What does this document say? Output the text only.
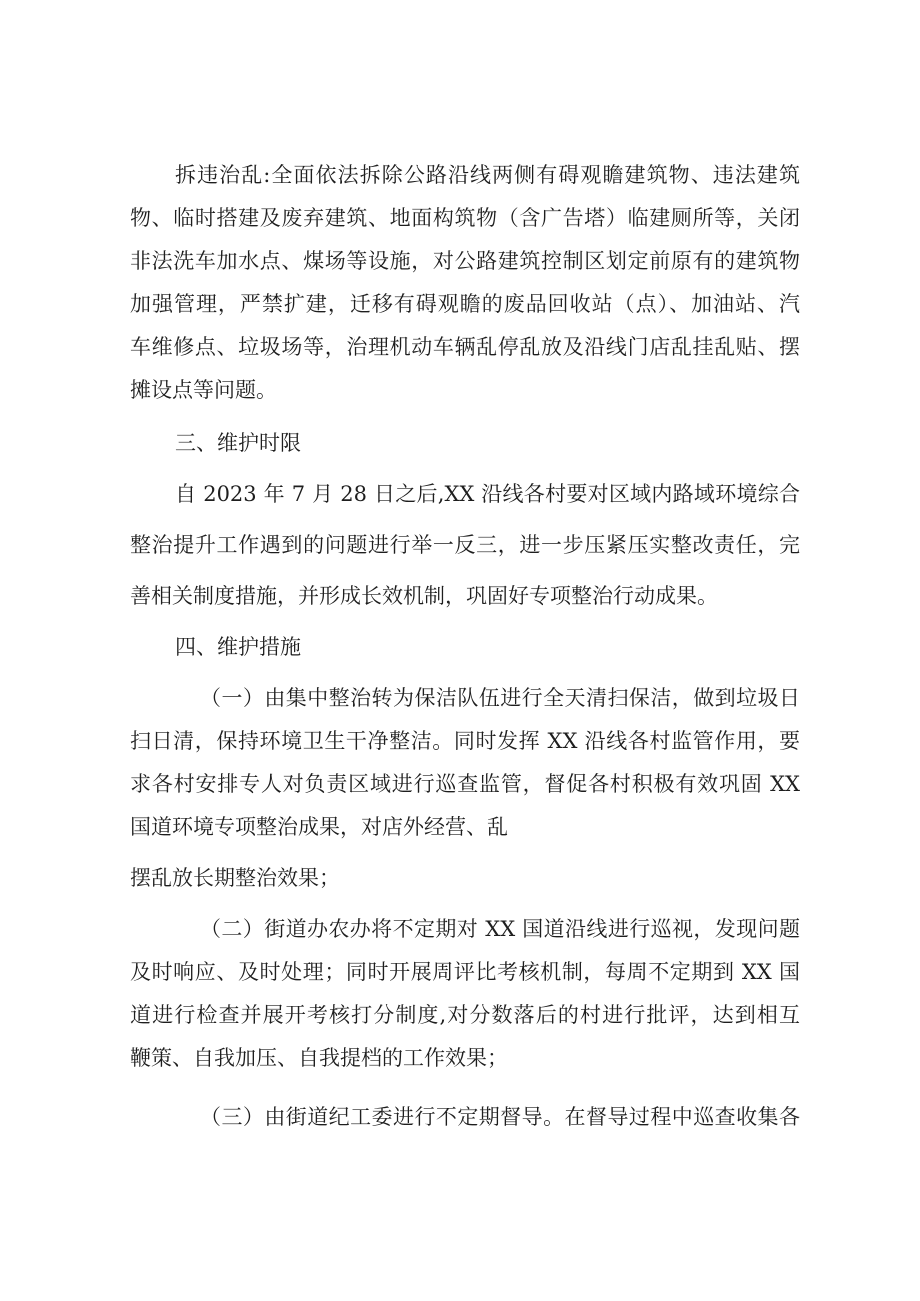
拆违治乱:全面依法拆除公路沿线两侧有碍观瞻建筑物、违法建筑
物、临时搭建及废弃建筑、地面构筑物（含广告塔）临建厕所等，关闭
非法洗车加水点、煤场等设施，对公路建筑控制区划定前原有的建筑物
加强管理，严禁扩建，迁移有碍观瞻的废品回收站（点）、加油站、汽
车维修点、垃圾场等，治理机动车辆乱停乱放及沿线门店乱挂乱贴、摆
摊设点等问题。
三、维护时限
自 2023 年 7 月 28 日之后,XX 沿线各村要对区域内路域环境综合
整治提升工作遇到的问题进行举一反三，进一步压紧压实整改责任，完
善相关制度措施，并形成长效机制，巩固好专项整治行动成果。
四、维护措施
（一）由集中整治转为保洁队伍进行全天清扫保洁，做到垃圾日
扫日清，保持环境卫生干净整洁。同时发挥 XX 沿线各村监管作用，要
求各村安排专人对负责区域进行巡查监管，督促各村积极有效巩固 XX
国道环境专项整治成果，对店外经营、乱
摆乱放长期整治效果；
（二）街道办农办将不定期对 XX 国道沿线进行巡视，发现问题
及时响应、及时处理；同时开展周评比考核机制，每周不定期到 XX 国
道进行检查并展开考核打分制度,对分数落后的村进行批评，达到相互
鞭策、自我加压、自我提档的工作效果；
（三）由街道纪工委进行不定期督导。在督导过程中巡查收集各
